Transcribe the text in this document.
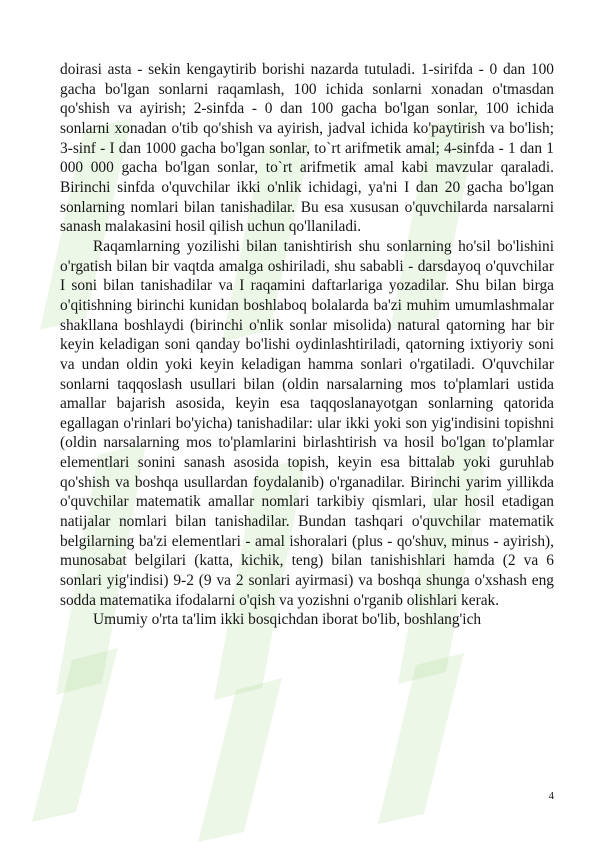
doirasi asta - sekin kengaytirib borishi nazarda tutuladi. 1-sirifda - 0 dan 100 gacha bo'lgan sonlarni raqamlash, 100 ichida sonlarni xonadan o'tmasdan qo'shish va ayirish; 2-sinfda - 0 dan 100 gacha bo'lgan sonlar, 100 ichida sonlarni xonadan o'tib qo'shish va ayirish, jadval ichida ko'paytirish va bo'lish; 3-sinf - I dan 1000 gacha bo'lgan sonlar, to`rt arifmetik amal; 4-sinfda - 1 dan 1 000 000 gacha bo'lgan sonlar, to`rt arifmetik amal kabi mavzular qaraladi. Birinchi sinfda o'quvchilar ikki o'nlik ichidagi, ya'ni I dan 20 gacha bo'lgan sonlarning nomlari bilan tanishadilar. Bu esa xususan o'quvchilarda narsalarni sanash malakasini hosil qilish uchun qo'llaniladi.

Raqamlarning yozilishi bilan tanishtirish shu sonlarning ho'sil bo'lishini o'rgatish bilan bir vaqtda amalga oshiriladi, shu sababli - darsdayoq o'quvchilar I soni bilan tanishadilar va I raqamini daftarlariga yozadilar. Shu bilan birga o'qitishning birinchi kunidan boshlaboq bolalarda ba'zi muhim umumlashmalar shakllana boshlaydi (birinchi o'nlik sonlar misolida) natural qatorning har bir keyin keladigan soni qanday bo'lishi oydinlashtiriladi, qatorning ixtiyoriy soni va undan oldin yoki keyin keladigan hamma sonlari o'rgatiladi. O'quvchilar sonlarni taqqoslash usullari bilan (oldin narsalarning mos to'plamlari ustida amallar bajarish asosida, keyin esa taqqoslanayotgan sonlarning qatorida egallagan o'rinlari bo'yicha) tanishadilar: ular ikki yoki son yig'indisini topishni (oldin narsalarning mos to'plamlarini birlashtirish va hosil bo'lgan to'plamlar elementlari sonini sanash asosida topish, keyin esa bittalab yoki guruhlab qo'shish va boshqa usullardan foydalanib) o'rganadilar. Birinchi yarim yillikda o'quvchilar matematik amallar nomlari tarkibiy qismlari, ular hosil etadigan natijalar nomlari bilan tanishadilar. Bundan tashqari o'quvchilar matematik belgilarning ba'zi elementlari - amal ishoralari (plus - qo'shuv, minus - ayirish), munosabat belgilari (katta, kichik, teng) bilan tanishishlari hamda (2 va 6 sonlari yig'indisi) 9-2 (9 va 2 sonlari ayirmasi) va boshqa shunga o'xshash eng sodda matematika ifodalarni o'qish va yozishni o'rganib olishlari kerak.

Umumiy o'rta ta'lim ikki bosqichdan iborat bo'lib, boshlang'ich

4
